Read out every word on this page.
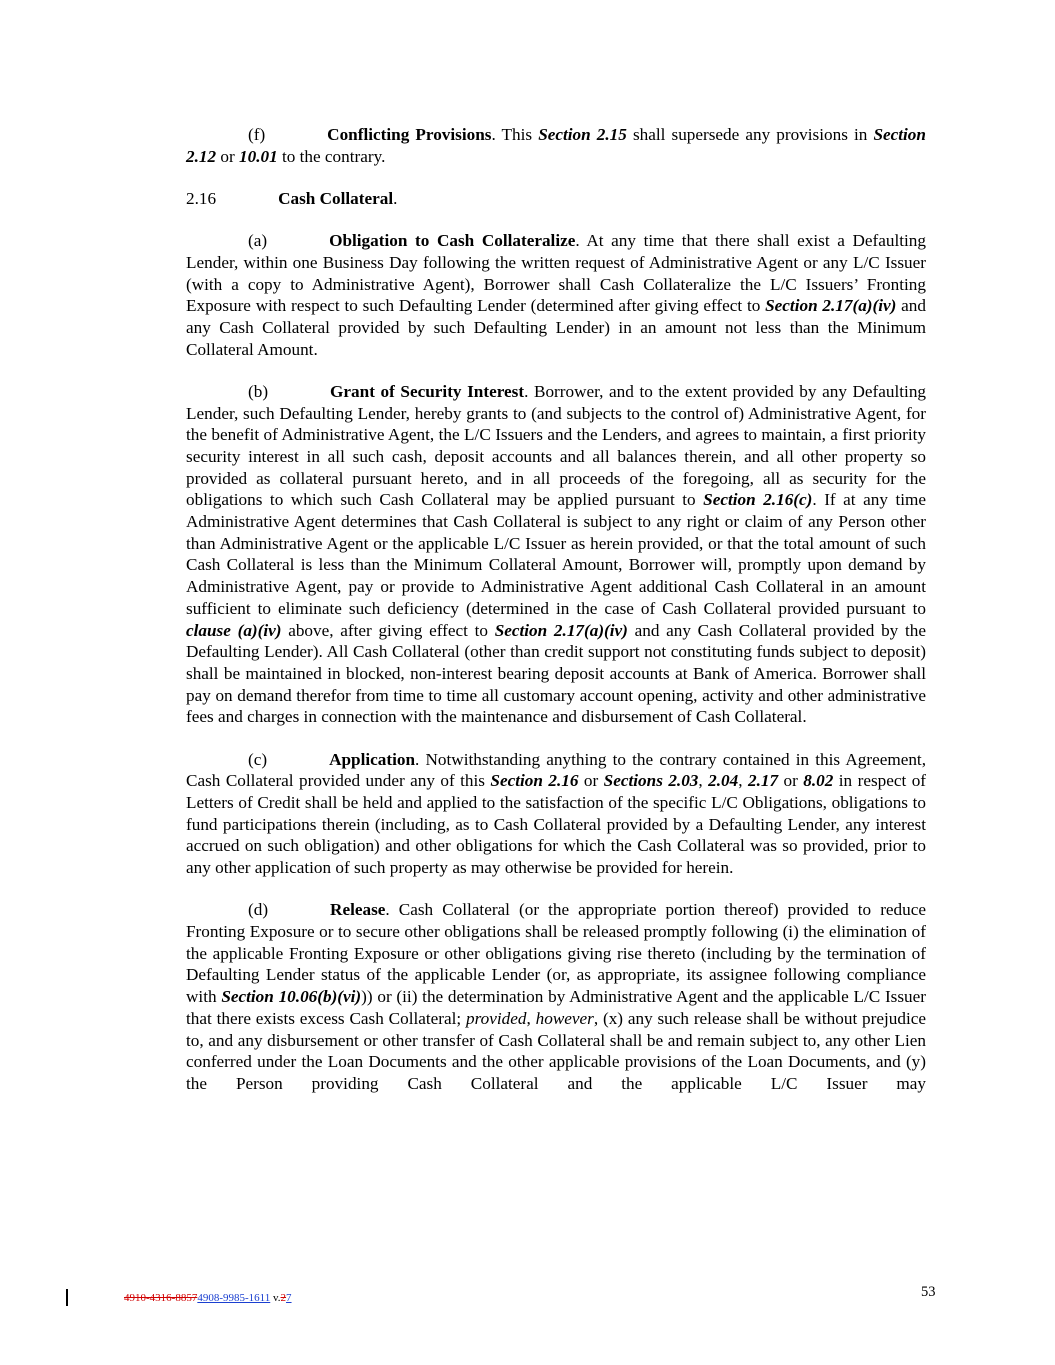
(f)	Conflicting Provisions. This Section 2.15 shall supersede any provisions in Section 2.12 or 10.01 to the contrary.

2.16	Cash Collateral.

(a)	Obligation to Cash Collateralize. At any time that there shall exist a Defaulting Lender, within one Business Day following the written request of Administrative Agent or any L/C Issuer (with a copy to Administrative Agent), Borrower shall Cash Collateralize the L/C Issuers’ Fronting Exposure with respect to such Defaulting Lender (determined after giving effect to Section 2.17(a)(iv) and any Cash Collateral provided by such Defaulting Lender) in an amount not less than the Minimum Collateral Amount.

(b)	Grant of Security Interest. Borrower, and to the extent provided by any Defaulting Lender, such Defaulting Lender, hereby grants to (and subjects to the control of) Administrative Agent, for the benefit of Administrative Agent, the L/C Issuers and the Lenders, and agrees to maintain, a first priority security interest in all such cash, deposit accounts and all balances therein, and all other property so provided as collateral pursuant hereto, and in all proceeds of the foregoing, all as security for the obligations to which such Cash Collateral may be applied pursuant to Section 2.16(c). If at any time Administrative Agent determines that Cash Collateral is subject to any right or claim of any Person other than Administrative Agent or the applicable L/C Issuer as herein provided, or that the total amount of such Cash Collateral is less than the Minimum Collateral Amount, Borrower will, promptly upon demand by Administrative Agent, pay or provide to Administrative Agent additional Cash Collateral in an amount sufficient to eliminate such deficiency (determined in the case of Cash Collateral provided pursuant to clause (a)(iv) above, after giving effect to Section 2.17(a)(iv) and any Cash Collateral provided by the Defaulting Lender). All Cash Collateral (other than credit support not constituting funds subject to deposit) shall be maintained in blocked, non-interest bearing deposit accounts at Bank of America. Borrower shall pay on demand therefor from time to time all customary account opening, activity and other administrative fees and charges in connection with the maintenance and disbursement of Cash Collateral.

(c)	Application. Notwithstanding anything to the contrary contained in this Agreement, Cash Collateral provided under any of this Section 2.16 or Sections 2.03, 2.04, 2.17 or 8.02 in respect of Letters of Credit shall be held and applied to the satisfaction of the specific L/C Obligations, obligations to fund participations therein (including, as to Cash Collateral provided by a Defaulting Lender, any interest accrued on such obligation) and other obligations for which the Cash Collateral was so provided, prior to any other application of such property as may otherwise be provided for herein.

(d)	Release. Cash Collateral (or the appropriate portion thereof) provided to reduce Fronting Exposure or to secure other obligations shall be released promptly following (i) the elimination of the applicable Fronting Exposure or other obligations giving rise thereto (including by the termination of Defaulting Lender status of the applicable Lender (or, as appropriate, its assignee following compliance with Section 10.06(b)(vi))) or (ii) the determination by Administrative Agent and the applicable L/C Issuer that there exists excess Cash Collateral; provided, however, (x) any such release shall be without prejudice to, and any disbursement or other transfer of Cash Collateral shall be and remain subject to, any other Lien conferred under the Loan Documents and the other applicable provisions of the Loan Documents, and (y) the Person providing Cash Collateral and the applicable L/C Issuer may

4910-4316-88574908-9985-1611 v.27	53
